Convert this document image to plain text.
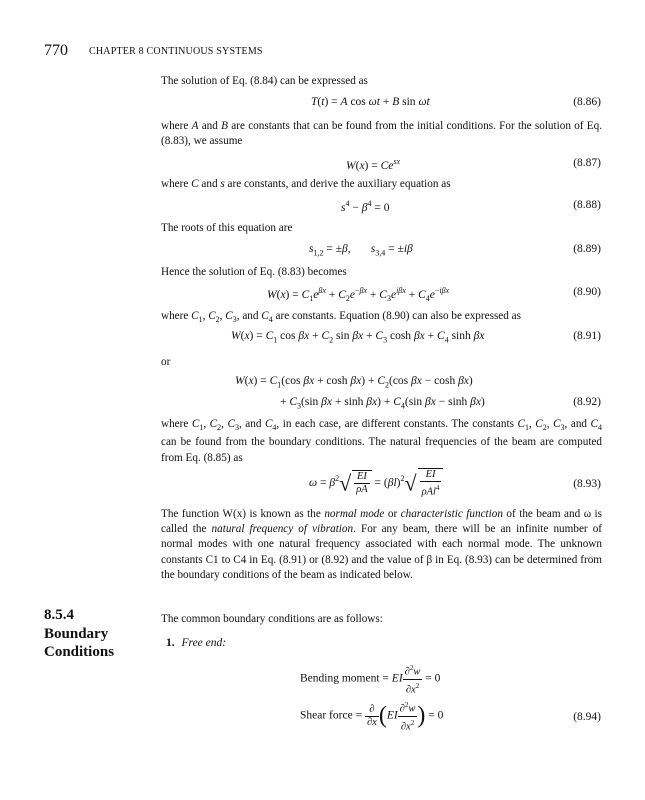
770 CHAPTER 8 CONTINUOUS SYSTEMS
The solution of Eq. (8.84) can be expressed as
T(t) = A cos ωt + B sin ωt	(8.86)
where A and B are constants that can be found from the initial conditions. For the solution of Eq. (8.83), we assume
$W(x) = Ce^{sx}$	(8.87)
where C and s are constants, and derive the auxiliary equation as
$s^4 - \beta^4 = 0$	(8.88)
The roots of this equation are
$s_{1,2} = \pm\beta$,       $s_{3,4} = \pm i\beta$	(8.89)
Hence the solution of Eq. (8.83) becomes
$W(x) = C_1e^{\beta x} + C_2e^{-\beta x} + C_3e^{i\beta x} + C_4e^{-i\beta x}$	(8.90)
where $C_1$, $C_2$, $C_3$, and $C_4$ are constants. Equation (8.90) can also be expressed as
$W(x) = C_1$ $\cos \beta x + C_2$ $\sin \beta x + C_3$ $\cosh \beta x + C_4$ sinh βx	(8.91)
or
$W(x) = C_1(\cos$ $\beta x + \cosh \beta x) + C_2(\cos$ βx − cosh βx)
+ $C_3(\sin$ $\beta x + \sinh \beta x) + C_4(\sin$ βx − sinh βx)	(8.92)
where $C_1$, $C_2$, $C_3$, and $C_4$, in each case, are different constants. The constants $C_1$, $C_2$, $C_3$, and $C_4$ can be found from the boundary conditions. The natural frequencies of the beam are computed from Eq. (8.85) as
$\omega = \beta^2√ \frac{EI}{\rho A} = (\beta l)^2√ \frac{EI}{\rho Al^4}$	(8.93)
The function W(x) is known as the normal mode or characteristic function of the beam and ω is called the natural frequency of vibration. For any beam, there will be an infinite number of normal modes with one natural frequency associated with each normal mode. The unknown constants C1 to C4 in Eq. (8.91) or (8.92) and the value of β in Eq. (8.93) can be determined from the boundary conditions of the beam as indicated below.
8.5.4
Boundary
Conditions
The common boundary conditions are as follows:
1. Free end:
Bending moment = EI $\frac{\partial^2w}{\partial x^2} = 0$
Shear force = $\frac{\partial}{\partial x} (EI \frac{\partial^2w}{\partial x^2}$ ) = 0	(8.94)
